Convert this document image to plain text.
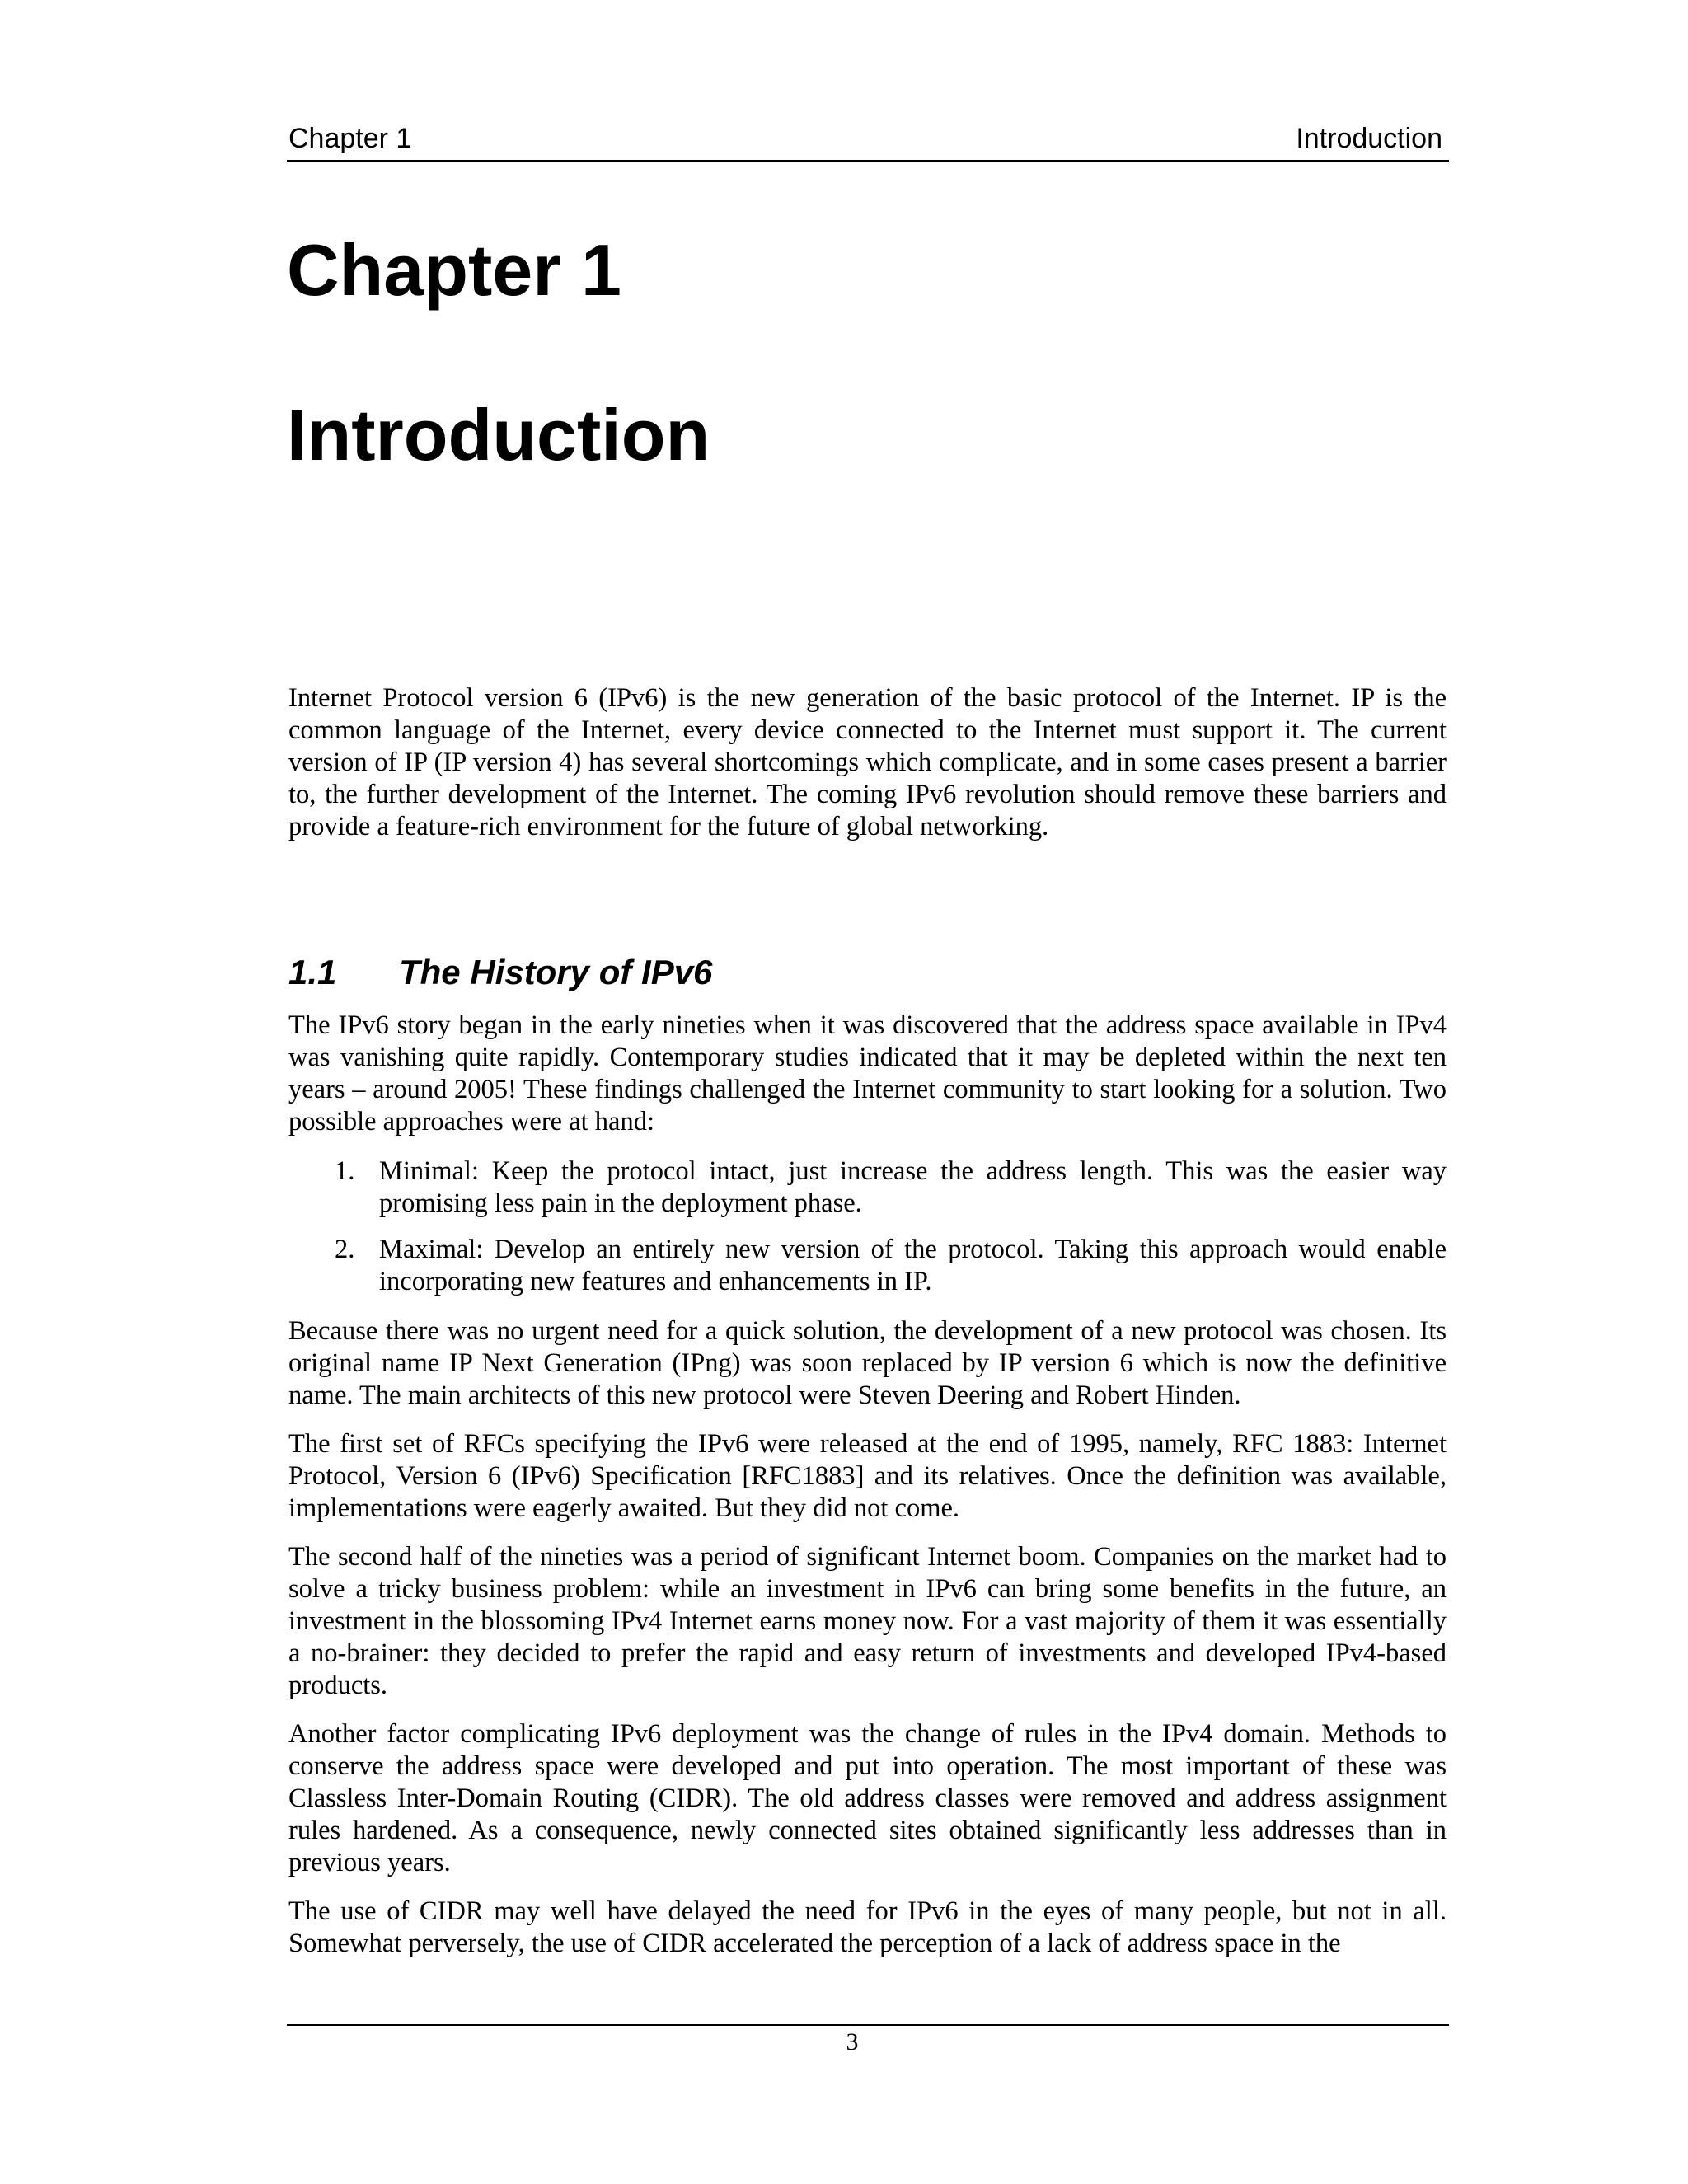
Chapter 1	Introduction
Chapter 1
Introduction

Internet Protocol version 6 (IPv6) is the new generation of the basic protocol of the Internet. IP is the common language of the Internet, every device connected to the Internet must support it. The current version of IP (IP version 4) has several shortcomings which complicate, and in some cases present a barrier to, the further development of the Internet. The coming IPv6 revolution should remove these barriers and provide a feature-rich environment for the future of global networking.

1.1 The History of IPv6

The IPv6 story began in the early nineties when it was discovered that the address space available in IPv4 was vanishing quite rapidly. Contemporary studies indicated that it may be depleted within the next ten years – around 2005! These findings challenged the Internet community to start looking for a solution. Two possible approaches were at hand:

1. Minimal: Keep the protocol intact, just increase the address length. This was the easier way promising less pain in the deployment phase.
2. Maximal: Develop an entirely new version of the protocol. Taking this approach would enable incorporating new features and enhancements in IP.

Because there was no urgent need for a quick solution, the development of a new protocol was chosen. Its original name IP Next Generation (IPng) was soon replaced by IP version 6 which is now the definitive name. The main architects of this new protocol were Steven Deering and Robert Hinden.

The first set of RFCs specifying the IPv6 were released at the end of 1995, namely, RFC 1883: Internet Protocol, Version 6 (IPv6) Specification [RFC1883] and its relatives. Once the definition was available, implementations were eagerly awaited. But they did not come.

The second half of the nineties was a period of significant Internet boom. Companies on the market had to solve a tricky business problem: while an investment in IPv6 can bring some benefits in the future, an investment in the blossoming IPv4 Internet earns money now. For a vast majority of them it was essentially a no-brainer: they decided to prefer the rapid and easy return of investments and developed IPv4-based products.

Another factor complicating IPv6 deployment was the change of rules in the IPv4 domain. Methods to conserve the address space were developed and put into operation. The most important of these was Classless Inter-Domain Routing (CIDR). The old address classes were removed and address assignment rules hardened. As a consequence, newly connected sites obtained significantly less addresses than in previous years.

The use of CIDR may well have delayed the need for IPv6 in the eyes of many people, but not in all. Somewhat perversely, the use of CIDR accelerated the perception of a lack of address space in the

3
